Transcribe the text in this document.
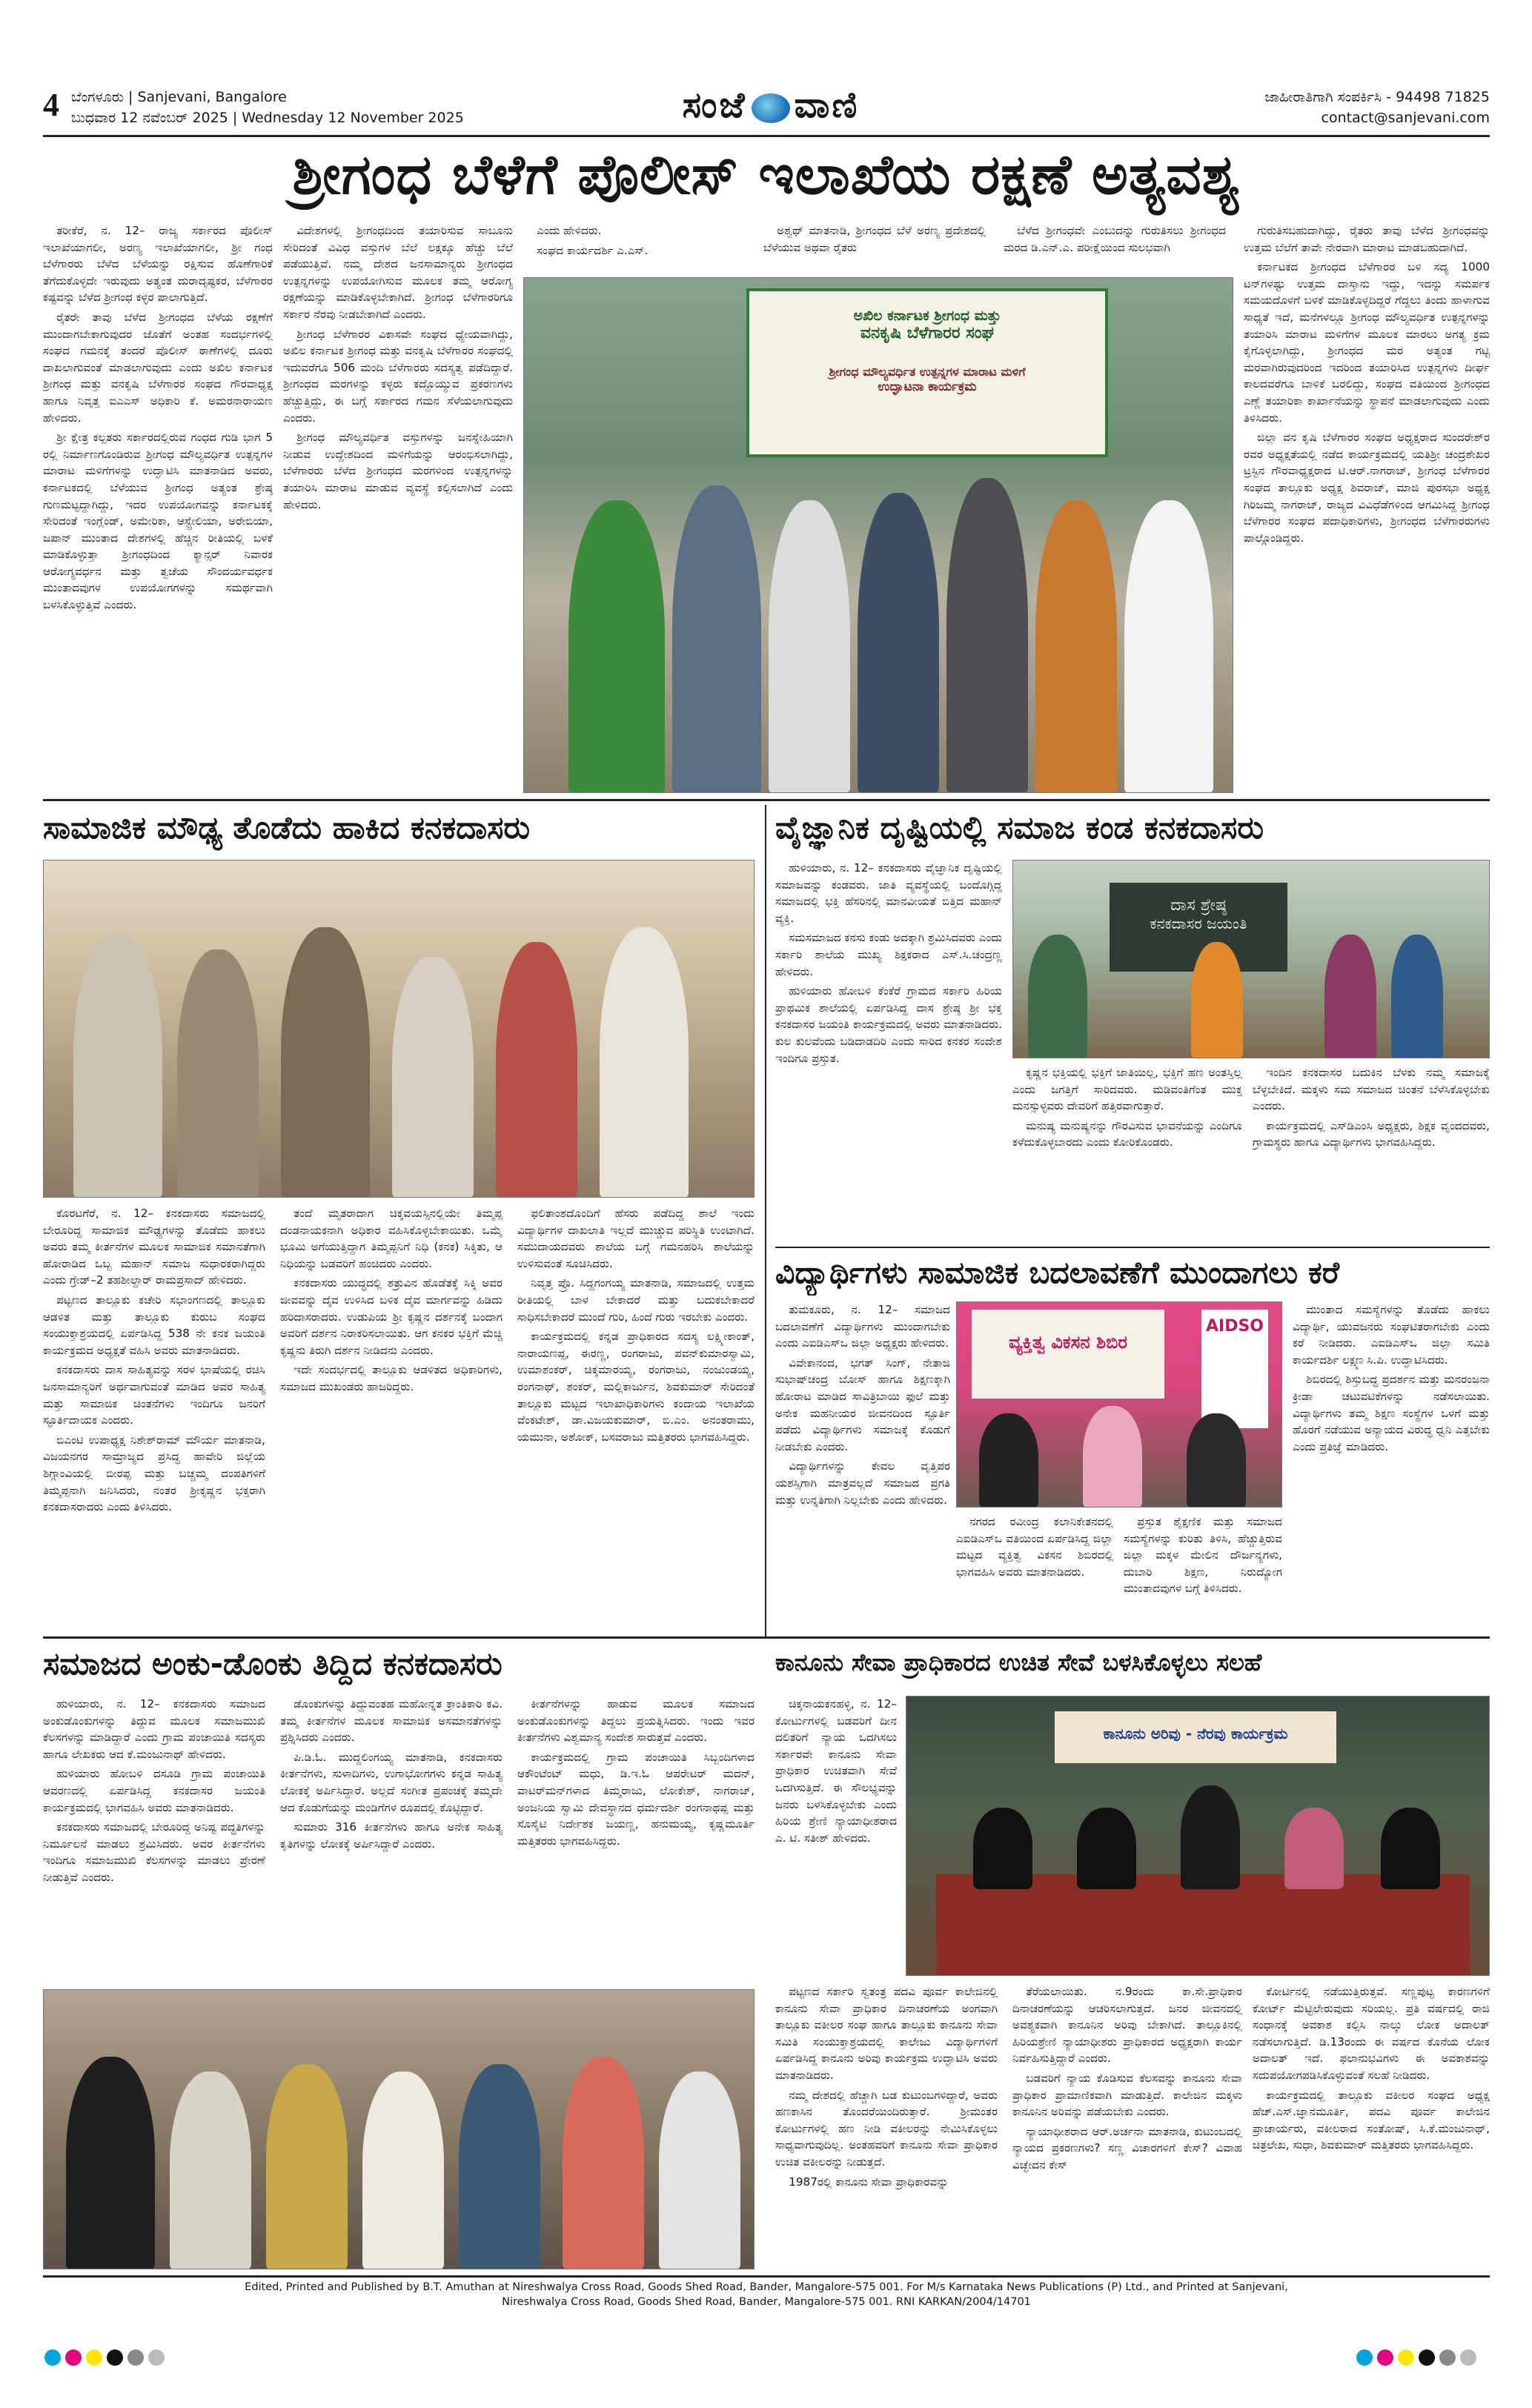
4 ಬೆಂಗಳೂರು | Sanjevani, Bangalore
ಬುಧವಾರ 12 ನವೆಂಬರ್ 2025 | Wednesday 12 November 2025	ಸಂಜೆ ವಾಣಿ	ಜಾಹೀರಾತಿಗಾಗಿ ಸಂಪರ್ಕಿಸಿ - 94498 71825
contact@sanjevani.com
ಶ್ರೀಗಂಧ ಬೆಳೆಗೆ ಪೊಲೀಸ್ ಇಲಾಖೆಯ ರಕ್ಷಣೆ ಅತ್ಯವಶ್ಯ

ತರೀಕೆರೆ, ನ. 12– ರಾಜ್ಯ ಸರ್ಕಾರದ ಪೊಲೀಸ್ ಇಲಾಖೆಯಾಗಲೀ, ಅರಣ್ಯ ಇಲಾಖೆಯಾಗಲೀ, ಶ್ರೀ ಗಂಧ ಬೆಳೆಗಾರರು ಬೆಳೆದ ಬೆಳೆಯನ್ನು ರಕ್ಷಿಸುವ ಹೊಣೆಗಾರಿಕೆ ತೆಗೆದುಕೊಳ್ಳದೇ ಇರುವುದು ಅತ್ಯಂತ ದುರಾದೃಷ್ಟಕರ, ಬೆಳೆಗಾರರ ಕಷ್ಟವನ್ನು ಬೆಳೆದ ಶ್ರೀಗಂಧ ಕಳ್ಳರ ಪಾಲಾಗುತ್ತಿದೆ.

ರೈತರೇ ತಾವು ಬೆಳೆದ ಶ್ರೀಗಂಧದ ಬೆಳೆಯ ರಕ್ಷಣೆಗೆ ಮುಂದಾಗಬೇಕಾಗುವುದರ ಜೊತೆಗೆ ಅಂತಹ ಸಂದರ್ಭಗಳಲ್ಲಿ ಸಂಘದ ಗಮನಕ್ಕೆ ತಂದರೆ ಪೊಲೀಸ್ ಠಾಣೆಗಳಲ್ಲಿ ದೂರು ದಾಖಲಾಗುವಂತೆ ಮಾಡಲಾಗುವುದು ಎಂದು ಅಖಿಲ ಕರ್ನಾಟಕ ಶ್ರೀಗಂಧ ಮತ್ತು ವನಕೃಷಿ ಬೆಳೆಗಾರರ ಸಂಘದ ಗೌರವಾಧ್ಯಕ್ಷ ಹಾಗೂ ನಿವೃತ್ತ ಐಎಎಸ್ ಅಧಿಕಾರಿ ಕೆ. ಅಮರನಾರಾಯಣ ಹೇಳಿದರು.

ಶ್ರೀ ಕ್ಷೇತ್ರ ಕಲ್ಪತರು ಸರ್ಕಾರದಲ್ಲಿರುವ ಗಂಧದ ಗುಡಿ ಭಾಗ 5 ರಲ್ಲಿ ನಿರ್ಮಾಣಗೊಂಡಿರುವ ಶ್ರೀಗಂಧ ಮೌಲ್ಯವರ್ಧಿತ ಉತ್ಪನ್ನಗಳ ಮಾರಾಟ ಮಳಿಗೆಗಳನ್ನು ಉದ್ಘಾಟಿಸಿ ಮಾತನಾಡಿದ ಅವರು, ಕರ್ನಾಟಕದಲ್ಲಿ ಬೆಳೆಯುವ ಶ್ರೀಗಂಧ ಅತ್ಯಂತ ಶ್ರೇಷ್ಠ ಗುಣಮಟ್ಟದ್ದಾಗಿದ್ದು, ಇದರ ಉಪಯೋಗವನ್ನು ಕರ್ನಾಟಕಕ್ಕೆ ಸೇರಿದಂತೆ ಇಂಗ್ಲೆಂಡ್, ಅಮೇರಿಕಾ, ಆಸ್ಟ್ರೇಲಿಯಾ, ಅರೇಬಿಯಾ, ಜಪಾನ್ ಮುಂತಾದ ದೇಶಗಳಲ್ಲಿ ಹೆಚ್ಚಿನ ರೀತಿಯಲ್ಲಿ ಬಳಕೆ ಮಾಡಿಕೊಳ್ಳುತ್ತಾ ಶ್ರೀಗಂಧದಿಂದ ಕ್ಯಾನ್ಸರ್ ನಿವಾರಕ ಆರೋಗ್ಯವರ್ಧನ ಮತ್ತು ತ್ವಚೆಯ ಸೌಂದರ್ಯವರ್ಧಕ ಮುಂತಾದವುಗಳ ಉಪಯೋಗಗಳನ್ನು ಸಮರ್ಥವಾಗಿ ಬಳಸಿಕೊಳ್ಳುತ್ತಿವೆ ಎಂದರು.

ವಿದೇಶಗಳಲ್ಲಿ ಶ್ರೀಗಂಧದಿಂದ ತಯಾರಿಸುವ ಸಾಬೂನು ಸೇರಿದಂತೆ ವಿವಿಧ ವಸ್ತುಗಳ ಬೆಲೆ ಲಕ್ಷಕ್ಕೂ ಹೆಚ್ಚು ಬೆಲೆ ಪಡೆಯುತ್ತಿವೆ. ನಮ್ಮ ದೇಶದ ಜನಸಾಮಾನ್ಯರು ಶ್ರೀಗಂಧದ ಉತ್ಪನ್ನಗಳನ್ನು ಉಪಯೋಗಿಸುವ ಮೂಲಕ ತಮ್ಮ ಆರೋಗ್ಯ ರಕ್ಷಣೆಯನ್ನು ಮಾಡಿಕೊಳ್ಳಬೇಕಾಗಿದೆ. ಶ್ರೀಗಂಧ ಬೆಳೆಗಾರರಿಗೂ ಸರ್ಕಾರ ನೆರವು ನೀಡಬೇಕಾಗಿದೆ ಎಂದರು.

ಶ್ರೀಗಂಧ ಬೆಳೆಗಾರರ ವಿಕಾಸವೇ ಸಂಘದ ಧ್ಯೇಯವಾಗಿದ್ದು, ಅಖಿಲ ಕರ್ನಾಟಕ ಶ್ರೀಗಂಧ ಮತ್ತು ವನಕೃಷಿ ಬೆಳೆಗಾರರ ಸಂಘದಲ್ಲಿ ಇದುವರೆಗೂ 506 ಮಂದಿ ಬೆಳೆಗಾರರು ಸದಸ್ಯತ್ವ ಪಡೆದಿದ್ದಾರೆ. ಶ್ರೀಗಂಧದ ಮರಗಳನ್ನು ಕಳ್ಳರು ಕದ್ದೊಯ್ಯುವ ಪ್ರಕರಣಗಳು ಹೆಚ್ಚುತ್ತಿದ್ದು, ಈ ಬಗ್ಗೆ ಸರ್ಕಾರದ ಗಮನ ಸೆಳೆಯಲಾಗುವುದು ಎಂದರು.

ಶ್ರೀಗಂಧ ಮೌಲ್ಯವರ್ಧಿತ ವಸ್ತುಗಳನ್ನು ಜನಸ್ನೇಹಿಯಾಗಿ ನೀಡುವ ಉದ್ದೇಶದಿಂದ ಮಳಿಗೆಯನ್ನು ಆರಂಭಿಸಲಾಗಿದ್ದು, ಬೆಳೆಗಾರರು ಬೆಳೆದ ಶ್ರೀಗಂಧದ ಮರಗಳಿಂದ ಉತ್ಪನ್ನಗಳನ್ನು ತಯಾರಿಸಿ ಮಾರಾಟ ಮಾಡುವ ವ್ಯವಸ್ಥೆ ಕಲ್ಪಿಸಲಾಗಿದೆ ಎಂದು ಹೇಳಿದರು.

ಎಂದು ಹೇಳಿದರು.

ಸಂಘದ ಕಾರ್ಯದರ್ಶಿ ಎ.ಎಸ್.

ಅಶ್ವಥ್ ಮಾತನಾಡಿ, ಶ್ರೀಗಂಧದ ಬೆಳೆ ಅರಣ್ಯ ಪ್ರದೇಶದಲ್ಲಿ ಬೆಳೆಯುವ ಅಥವಾ ರೈತರು

ಬೆಳೆದ ಶ್ರೀಗಂಧವೇ ಎಂಬುದನ್ನು ಗುರುತಿಸಲು ಶ್ರೀಗಂಧದ ಮರದ ಡಿ.ಎನ್.ಎ. ಪರೀಕ್ಷೆಯಿಂದ ಸುಲಭವಾಗಿ

ಗುರುತಿಸಬಹುದಾಗಿದ್ದು, ರೈತರು ತಾವು ಬೆಳೆದ ಶ್ರೀಗಂಧವನ್ನು ಉತ್ತಮ ಬೆಲೆಗೆ ತಾವೇ ನೇರವಾಗಿ ಮಾರಾಟ ಮಾಡಬಹುದಾಗಿದೆ.

ಕರ್ನಾಟಕದ ಶ್ರೀಗಂಧದ ಬೆಳೆಗಾರರ ಬಳಿ ಸದ್ಯ 1000 ಟನ್‌ಗಳಷ್ಟು ಉತ್ತಮ ದಾಸ್ತಾನು ಇದ್ದು, ಇದನ್ನು ಸಮರ್ಪಕ ಸಮಯದೊಳಗೆ ಬಳಕೆ ಮಾಡಿಕೊಳ್ಳದಿದ್ದರೆ ಗೆದ್ದಲು ತಿಂದು ಹಾಳಾಗುವ ಸಾಧ್ಯತೆ ಇದೆ, ಮನೆಗಳಲ್ಲೂ ಶ್ರೀಗಂಧ ಮೌಲ್ಯವರ್ಧಿತ ಉತ್ಪನ್ನಗಳನ್ನು ತಯಾರಿಸಿ ಮಾರಾಟ ಮಳಿಗೆಗಳ ಮೂಲಕ ಮಾರಲು ಅಗತ್ಯ ಕ್ರಮ ಕೈಗೊಳ್ಳಲಾಗಿದ್ದು, ಶ್ರೀಗಂಧದ ಮರ ಅತ್ಯಂತ ಗಟ್ಟಿ ಮರವಾಗಿರುವುದರಿಂದ ಇದರಿಂದ ತಯಾರಿಸಿದ ಉತ್ಪನ್ನಗಳು ದೀರ್ಘ ಕಾಲದವರೆಗೂ ಬಾಳಿಕೆ ಬರಲಿದ್ದು, ಸಂಘದ ವತಿಯಿಂದ ಶ್ರೀಗಂಧದ ಎಣ್ಣೆ ತಯಾರಿಕಾ ಕಾರ್ಖಾನೆಯನ್ನು ಸ್ಥಾಪನೆ ಮಾಡಲಾಗುವುದು ಎಂದು ತಿಳಿಸಿದರು.

ಜಿಲ್ಲಾ ವನ ಕೃಷಿ ಬೆಳೆಗಾರರ ಸಂಘದ ಅಧ್ಯಕ್ಷರಾದ ಸುಂದರೇಶ್‌ರ ರವರ ಅಧ್ಯಕ್ಷತೆಯಲ್ಲಿ ನಡೆದ ಕಾರ್ಯಕ್ರಮದಲ್ಲಿ ಯತಿಶ್ರೀ ಚಂದ್ರಶೇಖರ ಟ್ರಸ್ಟಿನ ಗೌರವಾಧ್ಯಕ್ಷರಾದ ಟಿ.ಆರ್.ನಾಗರಾಜ್, ಶ್ರೀಗಂಧ ಬೆಳೆಗಾರರ ಸಂಘದ ತಾಲ್ಲೂಕು ಅಧ್ಯಕ್ಷ ಶಿವರಾಜ್, ಮಾಜಿ ಪುರಸಭಾ ಅಧ್ಯಕ್ಷ ಗಿರಿಜಮ್ಮ ನಾಗರಾಜ್, ರಾಜ್ಯದ ವಿವಿಧೆಡೆಗಳಿಂದ ಆಗಮಿಸಿದ್ದ ಶ್ರೀಗಂಧ ಬೆಳೆಗಾರರ ಸಂಘದ ಪದಾಧಿಕಾರಿಗಳು, ಶ್ರೀಗಂಧದ ಬೆಳೆಗಾರರುಗಳು ಪಾಲ್ಗೊಂಡಿದ್ದರು.

ಅಖಿಲ ಕರ್ನಾಟಕ ಶ್ರೀಗಂಧ ಮತ್ತು
ವನಕೃಷಿ ಬೆಳೆಗಾರರ ಸಂಘ
ಶ್ರೀಗಂಧ ಮೌಲ್ಯವರ್ಧಿತ ಉತ್ಪನ್ನಗಳ ಮಾರಾಟ ಮಳಿಗೆ
ಉದ್ಘಾಟನಾ ಕಾರ್ಯಕ್ರಮ
ಸಾಮಾಜಿಕ ಮೌಢ್ಯ ತೊಡೆದು ಹಾಕಿದ ಕನಕದಾಸರು

ಕೊರಟಗೆರೆ, ನ. 12– ಕನಕದಾಸರು ಸಮಾಜದಲ್ಲಿ ಬೇರೂರಿದ್ದ ಸಾಮಾಜಿಕ ಮೌಢ್ಯಗಳನ್ನು ತೊಡೆದು ಹಾಕಲು ಅವರು ತಮ್ಮ ಕೀರ್ತನೆಗಳ ಮೂಲಕ ಸಾಮಾಜಿಕ ಸಮಾನತೆಗಾಗಿ ಹೋರಾಡಿದ ಒಬ್ಬ ಮಹಾನ್ ಸಮಾಜ ಸುಧಾರಕರಾಗಿದ್ದರು ಎಂದು ಗ್ರೇಡ್–2 ತಹಶೀಲ್ದಾರ್ ರಾಮಪ್ರಸಾದ್ ಹೇಳಿದರು.

ಪಟ್ಟಣದ ತಾಲ್ಲೂಕು ಕಚೇರಿ ಸಭಾಂಗಣದಲ್ಲಿ ತಾಲ್ಲೂಕು ಆಡಳಿತ ಮತ್ತು ತಾಲ್ಲೂಕು ಕುರುಬ ಸಂಘದ ಸಂಯುಕ್ತಾಶ್ರಯದಲ್ಲಿ ಏರ್ಪಡಿಸಿದ್ದ 538 ನೇ ಕನಕ ಜಯಂತಿ ಕಾರ್ಯಕ್ರಮದ ಅಧ್ಯಕ್ಷತೆ ವಹಿಸಿ ಅವರು ಮಾತನಾಡಿದರು.

ಕನಕದಾಸರು ದಾಸ ಸಾಹಿತ್ಯವನ್ನು ಸರಳ ಭಾಷೆಯಲ್ಲಿ ರಚಿಸಿ ಜನಸಾಮಾನ್ಯರಿಗೆ ಅರ್ಥವಾಗುವಂತೆ ಮಾಡಿದ ಅವರ ಸಾಹಿತ್ಯ ಮತ್ತು ಸಾಮಾಜಿಕ ಚಿಂತನೆಗಳು ಇಂದಿಗೂ ಜನರಿಗೆ ಸ್ಫೂರ್ತಿದಾಯಕ ಎಂದರು.

ಬಿಎಂಟಿ ಉಪಾಧ್ಯಕ್ಷ ನಿಶೇಶ್‌ರಾಮ್ ಮೌರ್ಯ ಮಾತನಾಡಿ, ವಿಜಯನಗರ ಸಾಮ್ರಾಜ್ಯದ ಪ್ರಸಿದ್ಧ ಹಾವೇರಿ ಜಿಲ್ಲೆಯ ಶಿಗ್ಗಾಂವಿಯಲ್ಲಿ ಬೀರಪ್ಪ ಮತ್ತು ಬಚ್ಚಮ್ಮ ದಂಪತಿಗಳಿಗೆ ತಿಮ್ಮಪ್ಪನಾಗಿ ಜನಿಸಿದರು, ನಂತರ ಶ್ರೀಕೃಷ್ಣನ ಭಕ್ತರಾಗಿ ಕನಕದಾಸರಾದರು ಎಂದು ತಿಳಿಸಿದರು.

ತಂದೆ ಮೃತರಾದಾಗ ಚಿಕ್ಕವಯಸ್ಸಿನಲ್ಲಿಯೇ ತಿಮ್ಮಪ್ಪ ದಂಡನಾಯಕನಾಗಿ ಅಧಿಕಾರ ವಹಿಸಿಕೊಳ್ಳಬೇಕಾಯಿತು. ಒಮ್ಮೆ ಭೂಮಿ ಅಗೆಯುತ್ತಿದ್ದಾಗ ತಿಮ್ಮಪ್ಪನಿಗೆ ನಿಧಿ (ಕನಕ) ಸಿಕ್ಕಿತು, ಆ ನಿಧಿಯನ್ನು ಬಡವರಿಗೆ ಹಂಚಿದರು ಎಂದರು.

ಕನಕದಾಸರು ಯುದ್ಧದಲ್ಲಿ ಶತ್ರುವಿನ ಹೊಡೆತಕ್ಕೆ ಸಿಕ್ಕಿ ಅವರ ಜೀವವನ್ನು ದೈವ ಉಳಿಸಿದ ಬಳಿಕ ದೈವ ಮಾರ್ಗವನ್ನು ಹಿಡಿದು ಹರಿದಾಸರಾದರು. ಉಡುಪಿಯ ಶ್ರೀ ಕೃಷ್ಣನ ದರ್ಶನಕ್ಕೆ ಬಂದಾಗ ಅವರಿಗೆ ದರ್ಶನ ನಿರಾಕರಿಸಲಾಯಿತು. ಆಗ ಕನಕರ ಭಕ್ತಿಗೆ ಮೆಚ್ಚಿ ಕೃಷ್ಣನು ತಿರುಗಿ ದರ್ಶನ ನೀಡಿದನು ಎಂದರು.

ಇದೇ ಸಂದರ್ಭದಲ್ಲಿ ತಾಲ್ಲೂಕು ಆಡಳಿತದ ಅಧಿಕಾರಿಗಳು, ಸಮಾಜದ ಮುಖಂಡರು ಹಾಜರಿದ್ದರು.

ಫಲಿತಾಂಶದೊಂದಿಗೆ ಹೆಸರು ಪಡೆದಿದ್ದ ಶಾಲೆ ಇಂದು ವಿದ್ಯಾರ್ಥಿಗಳ ದಾಖಲಾತಿ ಇಲ್ಲದೆ ಮುಚ್ಚುವ ಪರಿಸ್ಥಿತಿ ಉಂಟಾಗಿದೆ. ಸಮುದಾಯದವರು ಶಾಲೆಯ ಬಗ್ಗೆ ಗಮನಹರಿಸಿ ಶಾಲೆಯನ್ನು ಉಳಿಸುವಂತೆ ಸೂಚಿಸಿದರು.

ನಿವೃತ್ತ ಪ್ರೊ. ಸಿದ್ದಗಂಗಯ್ಯ ಮಾತನಾಡಿ, ಸಮಾಜದಲ್ಲಿ ಉತ್ತಮ ರೀತಿಯಲ್ಲಿ ಬಾಳ ಬೇಕಾದರೆ ಮತ್ತು ಬದುಕಬೇಕಾದರೆ ಸಾಧಿಸಬೇಕಾದರೆ ಮುಂದೆ ಗುರಿ, ಹಿಂದೆ ಗುರು ಇರಬೇಕು ಎಂದರು.

ಕಾರ್ಯಕ್ರಮದಲ್ಲಿ ಕನ್ನಡ ಪ್ರಾಧಿಕಾರದ ಸದಸ್ಯ ಲಕ್ಷ್ಮೀಕಾಂತ್, ನಾರಾಯಣಪ್ಪ, ಈರಣ್ಣ, ರಂಗರಾಜು, ಪವನ್‌ಕುಮಾರಸ್ವಾಮಿ, ಉಮಾಶಂಕರ್, ಚಿಕ್ಕಮಾರಯ್ಯ, ರಂಗರಾಜು, ನಂಜುಂಡಯ್ಯ, ರಂಗನಾಥ್, ಶಂಕರ್, ಮಲ್ಲಿಕಾರ್ಜುನ, ಶಿವಕುಮಾರ್ ಸೇರಿದಂತೆ ತಾಲ್ಲೂಕು ಮಟ್ಟದ ಇಲಾಖಾಧಿಕಾರಿಗಳು ಕಂದಾಯ ಇಲಾಖೆಯ ವೆಂಕಟೇಶ್, ಡಾ.ವಿಜಯಕುಮಾರ್, ಬಿ.ಎಂ. ಅನಂತರಾಮು, ಯಮುನಾ, ಅಶೋಕ್, ಬಸವರಾಜು ಮತ್ತಿತರರು ಭಾಗವಹಿಸಿದ್ದರು.

ವೈಜ್ಞಾನಿಕ ದೃಷ್ಟಿಯಲ್ಲಿ ಸಮಾಜ ಕಂಡ ಕನಕದಾಸರು

ಹುಳಿಯಾರು, ನ. 12– ಕನಕದಾಸರು ವೈಜ್ಞಾನಿಕ ದೃಷ್ಟಿಯಲ್ಲಿ ಸಮಾಜವನ್ನು ಕಂಡವರು. ಜಾತಿ ವ್ಯವಸ್ಥೆಯಲ್ಲಿ ಬಂದೊಗ್ಗಿದ್ದ ಸಮಾಜದಲ್ಲಿ ಭಕ್ತಿ ಹೆಸರಿನಲ್ಲಿ ಮಾನವೀಯತೆ ಬಿತ್ತಿದ ಮಹಾನ್ ವ್ಯಕ್ತಿ.

ಸಮಸಮಾಜದ ಕನಸು ಕಂಡು ಅದಕ್ಕಾಗಿ ಶ್ರಮಿಸಿದವರು ಎಂದು ಸರ್ಕಾರಿ ಶಾಲೆಯ ಮುಖ್ಯ ಶಿಕ್ಷಕರಾದ ಎಸ್.ಸಿ.ಚಂದ್ರಣ್ಣ ಹೇಳಿದರು.

ಹುಳಿಯಾರು ಹೋಬಳಿ ಕೆಂಕೆರೆ ಗ್ರಾಮದ ಸರ್ಕಾರಿ ಹಿರಿಯ ಪ್ರಾಥಮಿಕ ಶಾಲೆಯಲ್ಲಿ ಏರ್ಪಡಿಸಿದ್ದ ದಾಸ ಶ್ರೇಷ್ಠ ಶ್ರೀ ಭಕ್ತ ಕನಕದಾಸರ ಜಯಂತಿ ಕಾರ್ಯಕ್ರಮದಲ್ಲಿ ಅವರು ಮಾತನಾಡಿದರು. ಕುಲ ಕುಲವೆಂದು ಬಡಿದಾಡದಿರಿ ಎಂದು ಸಾರಿದ ಕನಕರ ಸಂದೇಶ ಇಂದಿಗೂ ಪ್ರಸ್ತುತ.

ದಾಸ ಶ್ರೇಷ್ಠ
ಕನಕದಾಸರ ಜಯಂತಿ

ಕೃಷ್ಣನ ಭಕ್ತಿಯಲ್ಲಿ ಭಕ್ತಿಗೆ ಜಾತಿಯಿಲ್ಲ, ಭಕ್ತಿಗೆ ಹಣ ಅಂತಸ್ತಿಲ್ಲ ಎಂದು ಜಗತ್ತಿಗೆ ಸಾರಿದವರು. ಮಡಿವಂತಿಗೆಂತ ಮುಕ್ತ ಮನಸ್ಸುಳ್ಳವರು ದೇವರಿಗೆ ಹತ್ತಿರವಾಗುತ್ತಾರೆ.

ಮನುಷ್ಯ ಮನುಷ್ಯನನ್ನು ಗೌರವಿಸುವ ಭಾವನೆಯನ್ನು ಎಂದಿಗೂ ಕಳೆದುಕೊಳ್ಳಬಾರದು ಎಂದು ಕೋರಿಕೊಂಡರು.

ಇಂದಿನ ಕನಕದಾಸರ ಬದುಕಿನ ಬೆಳಕು ನಮ್ಮ ಸಮಾಜಕ್ಕೆ ಬೆಳ್ಳಬೇಕಿದೆ. ಮಕ್ಕಳು ಸಮ ಸಮಾಜದ ಚಿಂತನೆ ಬೆಳೆಸಿಕೊಳ್ಳಬೇಕು ಎಂದರು.

ಕಾರ್ಯಕ್ರಮದಲ್ಲಿ ಎಸ್‌ಡಿಎಂಸಿ ಅಧ್ಯಕ್ಷರು, ಶಿಕ್ಷಕ ವೃಂದದವರು, ಗ್ರಾಮಸ್ಥರು ಹಾಗೂ ವಿದ್ಯಾರ್ಥಿಗಳು ಭಾಗವಹಿಸಿದ್ದರು.

ವಿದ್ಯಾರ್ಥಿಗಳು ಸಾಮಾಜಿಕ ಬದಲಾವಣೆಗೆ ಮುಂದಾಗಲು ಕರೆ

ತುಮಕೂರು, ನ. 12– ಸಮಾಜದ ಬದಲಾವಣೆಗೆ ವಿದ್ಯಾರ್ಥಿಗಳು ಮುಂದಾಗಬೇಕು ಎಂದು ಎಐಡಿಎಸ್‌ಒ ಜಿಲ್ಲಾ ಅಧ್ಯಕ್ಷರು ಹೇಳಿದರು.

ವಿವೇಕಾನಂದ, ಭಗತ್ ಸಿಂಗ್, ನೇತಾಜಿ ಸುಭಾಷ್‌ಚಂದ್ರ ಬೋಸ್ ಹಾಗೂ ಶಿಕ್ಷಣಕ್ಕಾಗಿ ಹೋರಾಟ ಮಾಡಿದ ಸಾವಿತ್ರಿಬಾಯಿ ಫುಲೆ ಮತ್ತು ಅನೇಕ ಮಹನೀಯರ ಜೀವನದಿಂದ ಸ್ಫೂರ್ತಿ ಪಡೆದು ವಿದ್ಯಾರ್ಥಿಗಳು ಸಮಾಜಕ್ಕೆ ಕೊಡುಗೆ ನೀಡಬೇಕು ಎಂದರು.

ವಿದ್ಯಾರ್ಥಿಗಳನ್ನು ಕೇವಲ ವೃತ್ತಿಪರ ಯಶಸ್ಸಿಗಾಗಿ ಮಾತ್ರವಲ್ಲದೆ ಸಮಾಜದ ಪ್ರಗತಿ ಮತ್ತು ಉನ್ನತಿಗಾಗಿ ನಿಲ್ಲಬೇಕು ಎಂದು ಹೇಳಿದರು.

ವ್ಯಕ್ತಿತ್ವ ವಿಕಸನ ಶಿಬಿರ
AIDSO

ಮುಂತಾದ ಸಮಸ್ಯೆಗಳನ್ನು ತೊಡೆದು ಹಾಕಲು ವಿದ್ಯಾರ್ಥಿ, ಯುವಜನರು ಸಂಘಟಿತರಾಗಬೇಕು ಎಂದು ಕರೆ ನೀಡಿದರು. ಎಐಡಿಎಸ್‌ಒ ಜಿಲ್ಲಾ ಸಮಿತಿ ಕಾರ್ಯದರ್ಶಿ ಲಕ್ಷ್ಮಣ ಸಿ.ಪಿ. ಉದ್ಘಾಟಿಸಿದರು.

ಶಿಬಿರದಲ್ಲಿ ಶಿಸ್ತುಬದ್ಧ ಪ್ರದರ್ಶನ ಮತ್ತು ಮನರಂಜನಾ ಕ್ರೀಡಾ ಚಟುವಟಿಕೆಗಳನ್ನು ನಡೆಸಲಾಯಿತು. ವಿದ್ಯಾರ್ಥಿಗಳು ತಮ್ಮ ಶಿಕ್ಷಣ ಸಂಸ್ಥೆಗಳ ಒಳಗೆ ಮತ್ತು ಹೊರಗೆ ನಡೆಯುವ ಅನ್ಯಾಯದ ವಿರುದ್ಧ ಧ್ವನಿ ಎತ್ತಬೇಕು ಎಂದು ಪ್ರತಿಜ್ಞೆ ಮಾಡಿದರು.

ನಗರದ ರವೀಂದ್ರ ಕಲಾನಿಕೇತನದಲ್ಲಿ ಎಐಡಿಎಸ್‌ಒ ವತಿಯಿಂದ ಏರ್ಪಡಿಸಿದ್ದ ಜಿಲ್ಲಾ ಮಟ್ಟದ ವ್ಯಕ್ತಿತ್ವ ವಿಕಸನ ಶಿಬಿರದಲ್ಲಿ ಭಾಗವಹಿಸಿ ಅವರು ಮಾತನಾಡಿದರು.

ಪ್ರಸ್ತುತ ಶೈಕ್ಷಣಿಕ ಮತ್ತು ಸಮಾಜದ ಸಮಸ್ಯೆಗಳನ್ನು ಕುರಿತು ತಿಳಿಸಿ, ಹೆಚ್ಚುತ್ತಿರುವ ಜಿಲ್ಲಾ ಮಕ್ಕಳ ಮೇಲಿನ ದೌರ್ಜನ್ಯಗಳು, ದುಬಾರಿ ಶಿಕ್ಷಣ, ನಿರುದ್ಯೋಗ ಮುಂತಾದವುಗಳ ಬಗ್ಗೆ ತಿಳಿಸಿದರು.

ಸಮಾಜದ ಅಂಕು-ಡೊಂಕು ತಿದ್ದಿದ ಕನಕದಾಸರು

ಹುಳಿಯಾರು, ನ. 12– ಕನಕದಾಸರು ಸಮಾಜದ ಅಂಕುಡೊಂಕುಗಳನ್ನು ತಿದ್ದುವ ಮೂಲಕ ಸಮಾಜಮುಖಿ ಕೆಲಸಗಳನ್ನು ಮಾಡಿದ್ದಾರೆ ಎಂದು ಗ್ರಾಮ ಪಂಚಾಯಿತಿ ಸದಸ್ಯರು ಹಾಗೂ ಲೇಖಕರು ಆದ ಕೆ.ಮಂಜುನಾಥ್ ಹೇಳಿದರು.

ಹುಳಿಯಾರು ಹೋಬಳಿ ದಸೂಡಿ ಗ್ರಾಮ ಪಂಚಾಯಿತಿ ಆವರಣದಲ್ಲಿ ಏರ್ಪಡಿಸಿದ್ದ ಕನಕದಾಸರ ಜಯಂತಿ ಕಾರ್ಯಕ್ರಮದಲ್ಲಿ ಭಾಗವಹಿಸಿ ಅವರು ಮಾತನಾಡಿದರು.

ಕನಕದಾಸರು ಸಮಾಜದಲ್ಲಿ ಬೇರೂರಿದ್ದ ಅನಿಷ್ಟ ಪದ್ಧತಿಗಳನ್ನು ನಿರ್ಮೂಲನೆ ಮಾಡಲು ಶ್ರಮಿಸಿದರು. ಅವರ ಕೀರ್ತನೆಗಳು ಇಂದಿಗೂ ಸಮಾಜಮುಖಿ ಕೆಲಸಗಳನ್ನು ಮಾಡಲು ಪ್ರೇರಣೆ ನೀಡುತ್ತಿವೆ ಎಂದರು.

ಡೊಂಕುಗಳನ್ನು ತಿದ್ದುವಂತಹ ಮಹೋನ್ನತ ಕ್ರಾಂತಿಕಾರಿ ಕವಿ. ತಮ್ಮ ಕೀರ್ತನೆಗಳ ಮೂಲಕ ಸಾಮಾಜಿಕ ಅಸಮಾನತೆಗಳನ್ನು ಪ್ರಶ್ನಿಸಿದರು ಎಂದರು.

ಪಿ.ಡಿ.ಓ. ಮುದ್ದಲಿಂಗಯ್ಯ ಮಾತನಾಡಿ, ಕನಕದಾಸರು ಕೀರ್ತನೆಗಳು, ಸುಳಾದಿಗಳು, ಉಗಾಭೋಗಗಳು ಕನ್ನಡ ಸಾಹಿತ್ಯ ಲೋಕಕ್ಕೆ ಅರ್ಪಿಸಿದ್ದಾರೆ. ಅಲ್ಲದೆ ಸಂಗೀತ ಪ್ರಪಂಚಕ್ಕೆ ತಮ್ಮದೇ ಆದ ಕೊಡುಗೆಯನ್ನು ಮಂಡಿಗೆಗಳ ರೂಪದಲ್ಲಿ ಕೊಟ್ಟಿದ್ದಾರೆ.

ಸುಮಾರು 316 ಕೀರ್ತನೆಗಳು ಹಾಗೂ ಅನೇಕ ಸಾಹಿತ್ಯ ಕೃತಿಗಳನ್ನು ಲೋಕಕ್ಕೆ ಅರ್ಪಿಸಿದ್ದಾರೆ ಎಂದರು.

ಕೀರ್ತನೆಗಳನ್ನು ಹಾಡುವ ಮೂಲಕ ಸಮಾಜದ ಅಂಕುಡೊಂಕುಗಳನ್ನು ತಿದ್ದಲು ಪ್ರಯತ್ನಿಸಿದರು. ಇಂದು ಇವರ ಕೀರ್ತನೆಗಳು ವಿಶ್ವಮಾನ್ಯ ಸಂದೇಶ ಸಾರುತ್ತವೆ ಎಂದರು.

ಕಾರ್ಯಕ್ರಮದಲ್ಲಿ ಗ್ರಾಮ ಪಂಚಾಯಿತಿ ಸಿಬ್ಬಂದಿಗಳಾದ ಆಕೌಂಟೆಂಟ್ ಮಧು, ಡಿ.ಇ.ಓ ಆಪರೇಟರ್ ಮದನ್, ವಾಟರ್‌ಮನ್‌ಗಳಾದ ತಿಮ್ಮರಾಜು, ಲೋಕೇಶ್, ನಾಗರಾಜ್, ಅಂಜನಿಯ ಸ್ವಾಮಿ ದೇವಸ್ಥಾನದ ಧರ್ಮದರ್ಶಿ ರಂಗನಾಥಪ್ಪ ಮತ್ತು ಸೊಸೈಟಿ ನಿರ್ದೇಶಕ ಜಯಣ್ಣ, ಹನುಮಯ್ಯ, ಕೃಷ್ಣಮೂರ್ತಿ ಮತ್ತಿತರರು ಭಾಗವಹಿಸಿದ್ದರು.

ಕಾನೂನು ಸೇವಾ ಪ್ರಾಧಿಕಾರದ ಉಚಿತ ಸೇವೆ ಬಳಸಿಕೊಳ್ಳಲು ಸಲಹೆ

ಚಿಕ್ಕನಾಯಕನಹಳ್ಳಿ, ನ. 12– ಕೋರ್ಟುಗಳಲ್ಲಿ ಬಡವರಿಗೆ ದೀನ ದಲಿತರಿಗೆ ನ್ಯಾಯ ಒದಗಿಸಲು ಸರ್ಕಾರವೇ ಕಾನೂನು ಸೇವಾ ಪ್ರಾಧಿಕಾರ ಉಚಿತವಾಗಿ ಸೇವೆ ಒದಗಿಸುತ್ತಿದೆ. ಈ ಸೌಲಭ್ಯವನ್ನು ಜನರು ಬಳಸಿಕೊಳ್ಳಬೇಕು ಎಂದು ಹಿರಿಯ ಶ್ರೇಣಿ ನ್ಯಾಯಾಧೀಶರಾದ ಎ. ಟಿ. ಸತೀಶ್ ಹೇಳಿದರು.

ಕಾನೂನು ಅರಿವು - ನೆರವು ಕಾರ್ಯಕ್ರಮ

ಪಟ್ಟಣದ ಸರ್ಕಾರಿ ಸ್ವತಂತ್ರ ಪದವಿ ಪೂರ್ವ ಕಾಲೇಜಿನಲ್ಲಿ ಕಾನೂನು ಸೇವಾ ಪ್ರಾಧಿಕಾರ ದಿನಾಚರಣೆಯ ಅಂಗವಾಗಿ ತಾಲ್ಲೂಕು ವಕೀಲರ ಸಂಘ ಹಾಗೂ ತಾಲ್ಲೂಕು ಕಾನೂನು ಸೇವಾ ಸಮಿತಿ ಸಂಯುಕ್ತಾಶ್ರಯದಲ್ಲಿ ಕಾಲೇಜು ವಿದ್ಯಾರ್ಥಿಗಳಿಗೆ ಏರ್ಪಡಿಸಿದ್ದ ಕಾನೂನು ಅರಿವು ಕಾರ್ಯಕ್ರಮ ಉದ್ಘಾಟಿಸಿ ಅವರು ಮಾತನಾಡಿದರು.

ನಮ್ಮ ದೇಶದಲ್ಲಿ ಹೆಚ್ಚಾಗಿ ಬಡ ಕುಟುಂಬಗಳಿದ್ದಾರೆ, ಅವರು ಹಣಕಾಸಿನ ತೊಂದರೆಯಿಂದಿರುತ್ತಾರೆ. ಶ್ರೀಮಂತರ ಕೋರ್ಟುಗಳಲ್ಲಿ ಹಣ ನೀಡಿ ವಕೀಲರನ್ನು ನೇಮಿಸಿಕೊಳ್ಳಲು ಸಾಧ್ಯವಾಗುವುದಿಲ್ಲ. ಅಂತಹವರಿಗೆ ಕಾನೂನು ಸೇವಾ ಪ್ರಾಧಿಕಾರ ಉಚಿತ ವಕೀಲರನ್ನು ನೀಡುತ್ತದೆ.

1987ರಲ್ಲಿ ಕಾನೂನು ಸೇವಾ ಪ್ರಾಧಿಕಾರವನ್ನು

ತೆರೆಯಲಾಯಿತು. ನ.9ರಂದು ಕಾ.ಸೇ.ಪ್ರಾಧಿಕಾರ ದಿನಾಚರಣೆಯನ್ನು ಆಚರಿಸಲಾಗುತ್ತದೆ. ಜನರ ಜೀವನದಲ್ಲಿ ಅವಶ್ಯಕವಾಗಿ ಕಾನೂನಿನ ಅರಿವು ಬೇಕಾಗಿದೆ. ತಾಲ್ಲೂಕಿನಲ್ಲಿ ಹಿರಿಯಶ್ರೇಣಿ ನ್ಯಾಯಾಧೀಶರು ಪ್ರಾಧಿಕಾರದ ಅಧ್ಯಕ್ಷರಾಗಿ ಕಾರ್ಯ ನಿರ್ವಹಿಸುತ್ತಿದ್ದಾರೆ ಎಂದರು.

ಬಡವರಿಗೆ ನ್ಯಾಯ ಕೊಡಿಸುವ ಕೆಲಸವನ್ನು ಕಾನೂನು ಸೇವಾ ಪ್ರಾಧಿಕಾರ ಪ್ರಾಮಾಣಿಕವಾಗಿ ಮಾಡುತ್ತಿದೆ. ಕಾಲೇಜಿನ ಮಕ್ಕಳು ಕಾನೂನಿನ ಅರಿವನ್ನು ಪಡೆಯಬೇಕು ಎಂದರು.

ನ್ಯಾಯಾಧೀಶರಾದ ಆರ್.ಅರ್ಚನಾ ಮಾತನಾಡಿ, ಕುಟುಂಬದಲ್ಲಿ ನ್ಯಾಯದ ಪ್ರಕರಣಗಳು? ಸಣ್ಣ ವಿಚಾರಗಳಿಗೆ ಕೇಸ್? ವಿವಾಹ ವಿಚ್ಛೇದನ ಕೇಸ್

ಕೋರ್ಟಿನಲ್ಲಿ ನಡೆಯುತ್ತಿರುತ್ತವೆ. ಸಣ್ಣಪುಟ್ಟ ಕಾರಣಗಳಿಗೆ ಕೋರ್ಟ್ ಮೆಟ್ಟಿಲೇರುವುದು ಸರಿಯಲ್ಲ. ಪ್ರತಿ ವರ್ಷದಲ್ಲಿ ರಾಜಿ ಸಂಧಾನಕ್ಕೆ ಅವಕಾಶ ಕಲ್ಪಿಸಿ ನಾಲ್ಕು ಲೋಕ ಅದಾಲತ್ ನಡೆಸಲಾಗುತ್ತಿದೆ. ಡಿ.13ರಂದು ಈ ವರ್ಷದ ಕೊನೆಯ ಲೋಕ ಅದಾಲತ್ ಇದೆ. ಫಲಾನುಭವಿಗಳು ಈ ಅವಕಾಶವನ್ನು ಸದುಪಯೋಗಪಡಿಸಿಕೊಳ್ಳುವಂತೆ ಸಲಹೆ ನೀಡಿದರು.

ಕಾರ್ಯಕ್ರಮದಲ್ಲಿ ತಾಲ್ಲೂಕು ವಕೀಲರ ಸಂಘದ ಅಧ್ಯಕ್ಷ ಹೆಚ್.ಎಸ್.ಜ್ಞಾನಮೂರ್ತಿ, ಪದವಿ ಪೂರ್ವ ಕಾಲೇಜಿನ ಪ್ರಾಚಾರ್ಯರು, ವಕೀಲರಾದ ಸಂತೋಷ್, ಸಿ.ಕೆ.ಮಂಜುನಾಥ್, ಚಿತ್ರಲೇಖ, ಸುಧಾ, ಶಿವಕುಮಾರ್ ಮತ್ತಿತರರು ಭಾಗವಹಿಸಿದ್ದರು.

Edited, Printed and Published by B.T. Amuthan at Nireshwalya Cross Road, Goods Shed Road, Bander, Mangalore-575 001. For M/s Karnataka News Publications (P) Ltd., and Printed at Sanjevani,
Nireshwalya Cross Road, Goods Shed Road, Bander, Mangalore-575 001. RNI KARKAN/2004/14701
